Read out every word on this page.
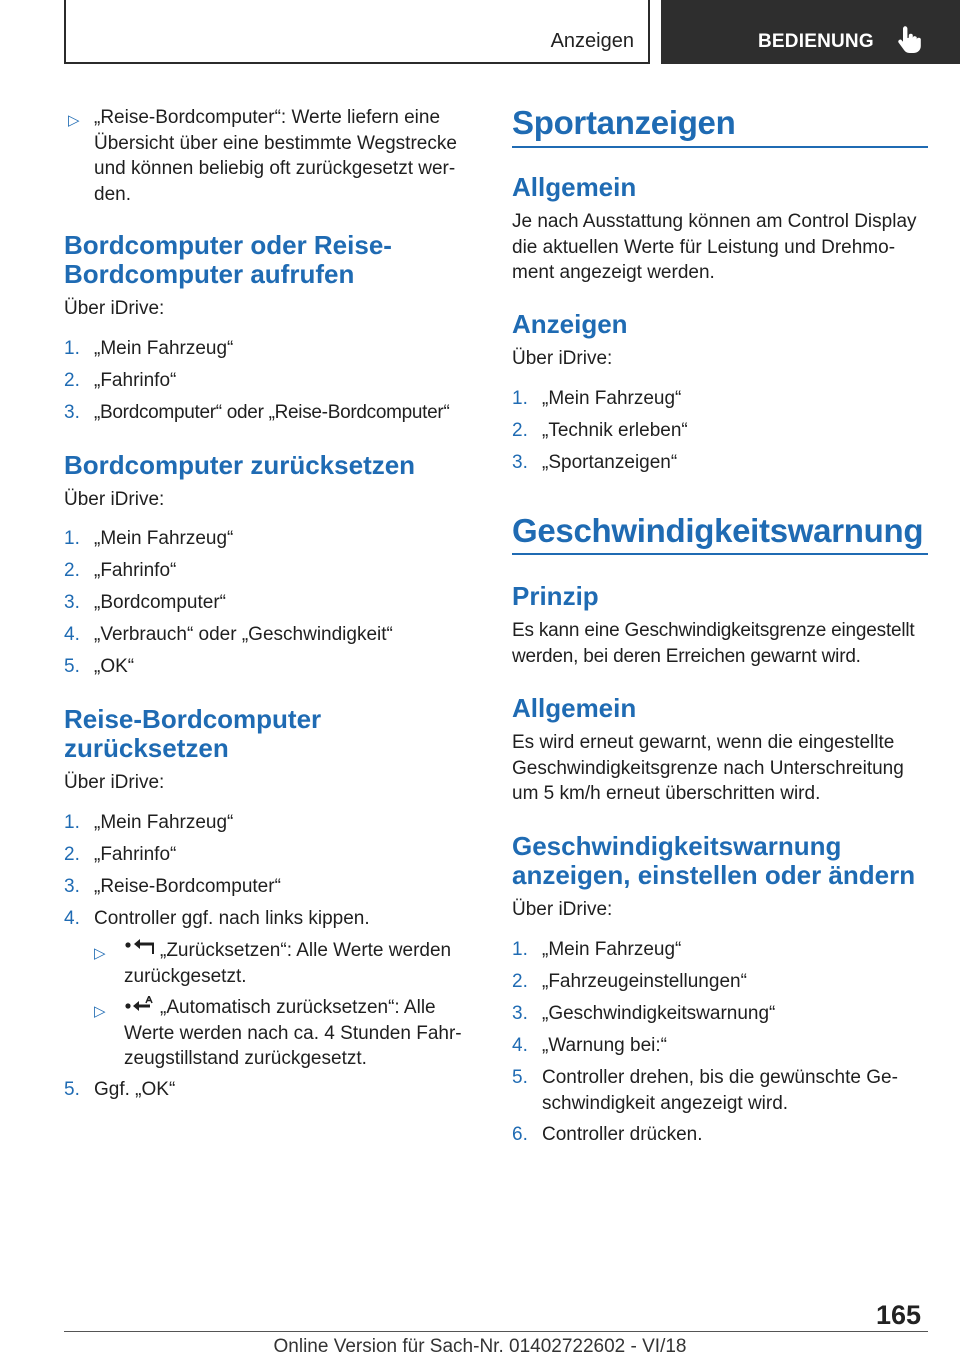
Anzeigen	BEDIENUNG
▷ „Reise-Bordcomputer“: Werte liefern eine Übersicht über eine bestimmte Wegstrecke und können beliebig oft zurückgesetzt wer-den.
Bordcomputer oder Reise-
Bordcomputer aufrufen
Über iDrive:
1. „Mein Fahrzeug“
2. „Fahrinfo“
3. „Bordcomputer“ oder „Reise-Bordcomputer“
Bordcomputer zurücksetzen
Über iDrive:
1. „Mein Fahrzeug“
2. „Fahrinfo“
3. „Bordcomputer“
4. „Verbrauch“ oder „Geschwindigkeit“
5. „OK“
Reise-Bordcomputer
zurücksetzen
Über iDrive:
1. „Mein Fahrzeug“
2. „Fahrinfo“
3. „Reise-Bordcomputer“
4. Controller ggf. nach links kippen.
▷	„Zurücksetzen“: Alle Werte werden zurückgesetzt.
▷	„Automatisch zurücksetzen“: Alle Werte werden nach ca. 4 Stunden Fahr-zeugstillstand zurückgesetzt.
5. Ggf. „OK“
Sportanzeigen
Allgemein
Je nach Ausstattung können am Control Display die aktuellen Werte für Leistung und Drehmo-ment angezeigt werden.
Anzeigen
Über iDrive:
1. „Mein Fahrzeug“
2. „Technik erleben“
3. „Sportanzeigen“
Geschwindigkeitswarnung
Prinzip
Es kann eine Geschwindigkeitsgrenze eingestellt werden, bei deren Erreichen gewarnt wird.
Allgemein
Es wird erneut gewarnt, wenn die eingestellte Geschwindigkeitsgrenze nach Unterschreitung um 5 km/h erneut überschritten wird.
Geschwindigkeitswarnung
anzeigen, einstellen oder ändern
Über iDrive:
1. „Mein Fahrzeug“
2. „Fahrzeugeinstellungen“
3. „Geschwindigkeitswarnung“
4. „Warnung bei:“
5. Controller drehen, bis die gewünschte Ge-schwindigkeit angezeigt wird.
6. Controller drücken.
165
Online Version für Sach-Nr. 01402722602 - VI/18
